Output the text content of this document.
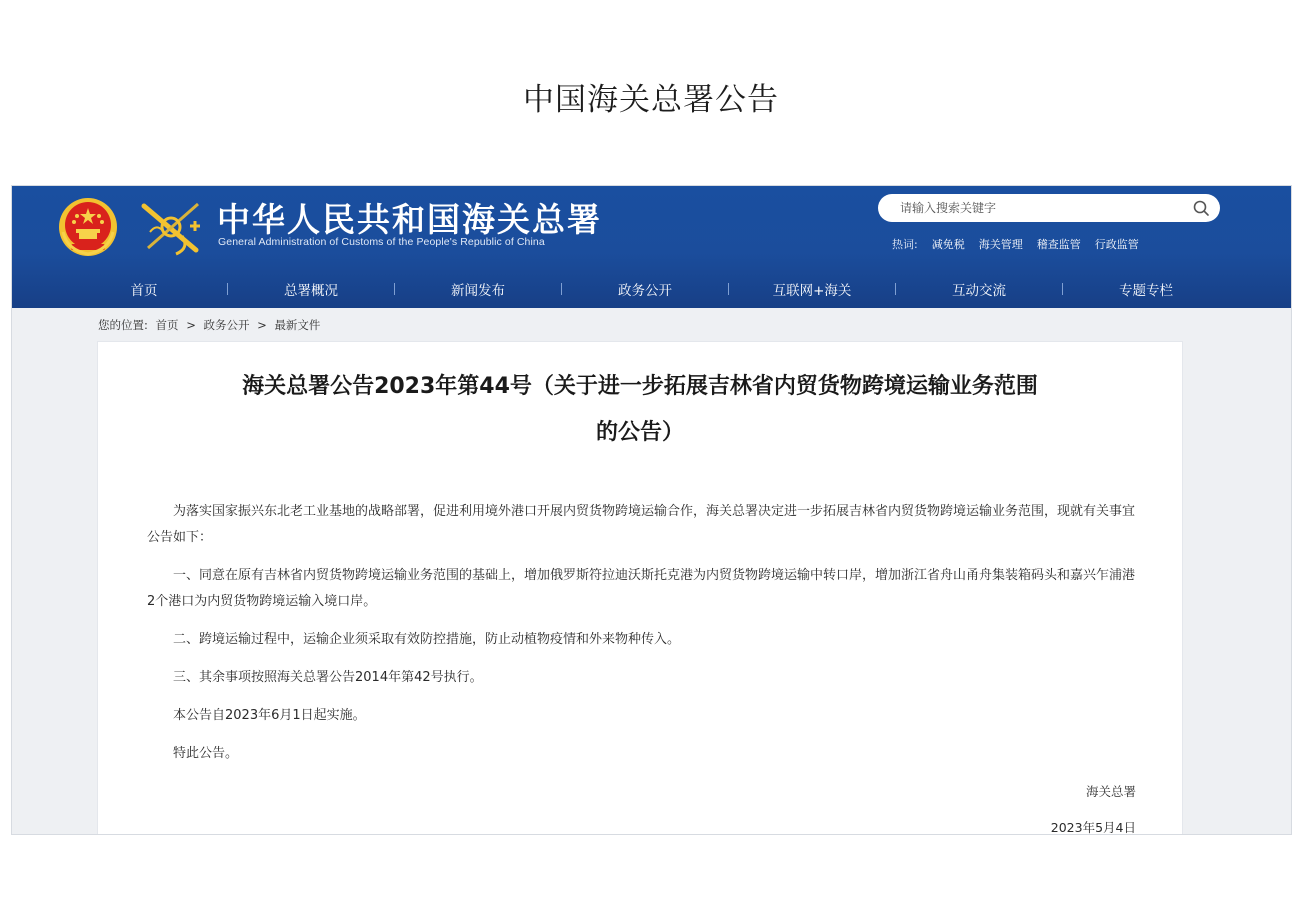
中国海关总署公告
中华人民共和国海关总署
General Administration of Customs of the People's Republic of China
请输入搜索关键字	热词: 减免税 海关管理 稽查监管 行政监管
首页	总署概况	新闻发布	政务公开	互联网+海关	互动交流	专题专栏
您的位置: 首页 > 政务公开 > 最新文件
海关总署公告2023年第44号（关于进一步拓展吉林省内贸货物跨境运输业务范围
的公告）

为落实国家振兴东北老工业基地的战略部署，促进利用境外港口开展内贸货物跨境运输合作，海关总署决定进一步拓展吉林省内贸货物跨境运输业务范围，现就有关事宜公告如下：

一、同意在原有吉林省内贸货物跨境运输业务范围的基础上，增加俄罗斯符拉迪沃斯托克港为内贸货物跨境运输中转口岸，增加浙江省舟山甬舟集装箱码头和嘉兴乍浦港2个港口为内贸货物跨境运输入境口岸。

二、跨境运输过程中，运输企业须采取有效防控措施，防止动植物疫情和外来物种传入。

三、其余事项按照海关总署公告2014年第42号执行。

本公告自2023年6月1日起实施。

特此公告。

海关总署
2023年5月4日
